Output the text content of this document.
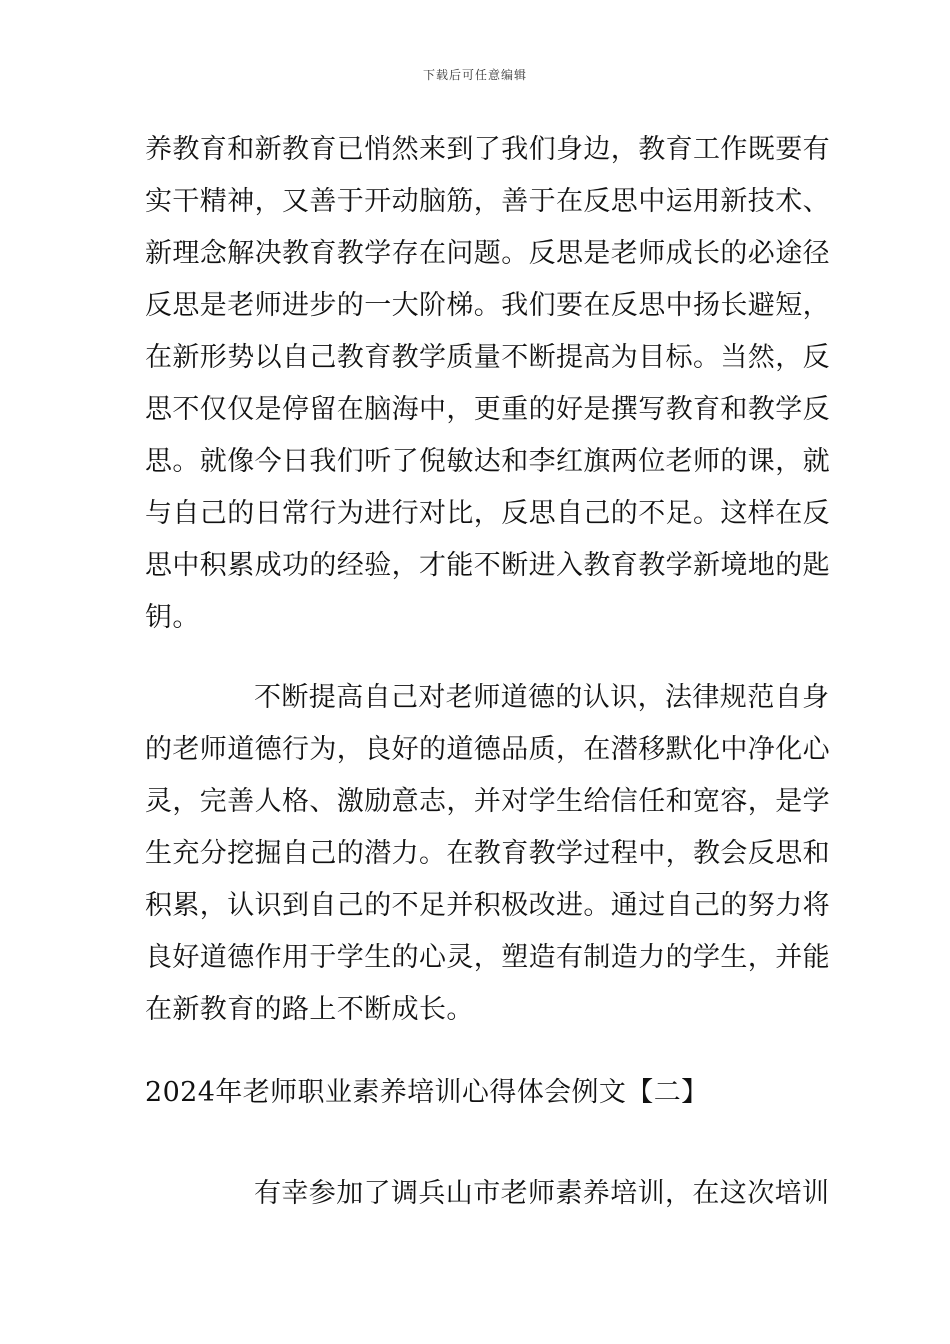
下载后可任意编辑
养教育和新教育已悄然来到了我们身边，教育工作既要有
实干精神，又善于开动脑筋，善于在反思中运用新技术、
新理念解决教育教学存在问题。反思是老师成长的必途径
反思是老师进步的一大阶梯。我们要在反思中扬长避短，
在新形势以自己教育教学质量不断提高为目标。当然，反
思不仅仅是停留在脑海中，更重的好是撰写教育和教学反
思。就像今日我们听了倪敏达和李红旗两位老师的课，就
与自己的日常行为进行对比，反思自己的不足。这样在反
思中积累成功的经验，才能不断进入教育教学新境地的匙
钥。
不断提高自己对老师道德的认识，法律规范自身
的老师道德行为，良好的道德品质，在潜移默化中净化心
灵，完善人格、激励意志，并对学生给信任和宽容，是学
生充分挖掘自己的潜力。在教育教学过程中，教会反思和
积累，认识到自己的不足并积极改进。通过自己的努力将
良好道德作用于学生的心灵，塑造有制造力的学生，并能
在新教育的路上不断成长。
2024年老师职业素养培训心得体会例文【二】
有幸参加了调兵山市老师素养培训，在这次培训
